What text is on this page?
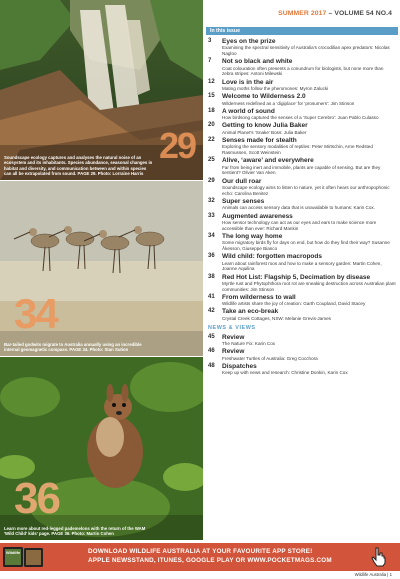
29
Soundscape ecology captures and analyses the natural noise of an
ecosystem and its inhabitants. Species abundance, seasonal changes in
habitat and diversity, and communication between and within species
can all be extrapolated from sound. PAGE 29. Photo: Lorraine Harris
34
Bar-tailed godwits migrate to Australia annually using an incredible
internal geomagnetic compass. PAGE 34. Photo: Stan Sution
36
Learn more about red-legged pademelons with the return of the WAM
'Wild Child' kids' page. PAGE 36. Photo: Martin Cohen
SUMMER 2017 – VOLUME 54 NO.4
In this issue
3	Eyes on the prize
Examining the spectral sensitivity of Australia’s crocodilian apex predators: Nicolas Nagloo
7	Not so black and white
Coat colouration often presents a conundrum for biologists, but none more than zebra stripes: Antoni Milewski
12	Love is in the air
Mating moths follow the pheromones: Myron Zalucki
15	Welcome to Wilderness 2.0
Wilderness redefined as a ‘digiplace’ for ‘prosumers’: Jim Stinson
18	A world of sound
How birdsong captured the senses of a ‘Super Cerebro’: Juan Pablo Culasso
20	Getting to know Julia Baker
Animal Planet’s ‘Snake’ Boss: Julia Baker
22	Senses made for stealth
Exploring the sensory modalities of reptiles: Peter Mirtschin, Arne Redsted Rasmussen, Scott Weinstein
25	Alive, ‘aware’ and everywhere
Far from being inert and immobile, plants are capable of sensing. But are they sentient? Olivier Van Aken
29	Our dull roar
Soundscape ecology aims to listen to nature, yet it often hears our anthropophonic echo: Carolina Benitez
32	Super senses
Animals can access sensory data that is unavailable to humans: Karin Cox.
33	Augmented awareness
How sensor technology can act as our eyes and ears to make science more accessible than ever: Richard Mankin
34	The long way home
Some migratory birds fly for days on end, but how do they find their way? Susanne Åkesson, Giuseppe Bianco
36	Wild child: forgotten macropods
Learn about rainforest roos and how to make a sensory garden: Martin Cohen, Joanne Aquilina
38	Red Hot List: Flagship 5, Decimation by disease
Myrtle rust and Phytophthora root rot are sneaking destruction across Australian plant communities: Jim Stinson
41	From wilderness to wall
Wildlife artists share the joy of creation: Garth Coupland, David Stacey
42	Take an eco-break
Crystal Creek Cottages, NSW: Melanie Grevis-James
NEWS & VIEWS
45	Review
The Nature Fix: Karin Cox
46	Review
Freshwater Turtles of Australia: Greg Cocchora
48	Dispatches
Keep up with news and research: Christine Donkin, Karin Cox
Wildlife	DOWNLOAD WILDLIFE AUSTRALIA AT YOUR FAVOURITE APP STORE!
APPLE NEWSSTAND, ITUNES, GOOGLE PLAY OR WWW.POCKETMAGS.COM
Wildlife Australia | 1
